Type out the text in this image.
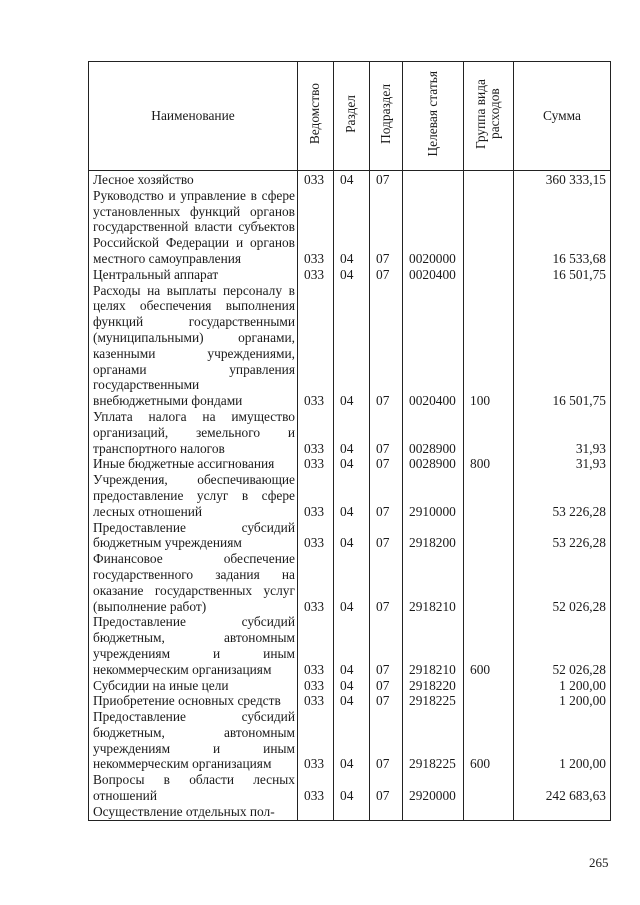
Наименование	Ведомство	Раздел	Подраздел	Целевая статья	Группа вида расходов	Сумма
Лесное хозяйство	033	04	07			360 333,15
Руководство и управление в сфере установленных функций органов государственной власти субъектов Российской Федерации и органов местного самоуправления	033	04	07	0020000		16 533,68
Центральный аппарат	033	04	07	0020400		16 501,75
Расходы на выплаты персоналу в целях обеспечения выполнения функций государственными (муниципальными) органами, казенными учреждениями, органами управления государственными внебюджетными фондами	033	04	07	0020400	100	16 501,75
Уплата налога на имущество организаций, земельного и транспортного налогов	033	04	07	0028900		31,93
Иные бюджетные ассигнования	033	04	07	0028900	800	31,93
Учреждения, обеспечивающие предоставление услуг в сфере лесных отношений	033	04	07	2910000		53 226,28
Предоставление субсидий бюджетным учреждениям	033	04	07	2918200		53 226,28
Финансовое обеспечение государственного задания на оказание государственных услуг (выполнение работ)	033	04	07	2918210		52 026,28
Предоставление субсидий бюджетным, автономным учреждениям и иным некоммерческим организациям	033	04	07	2918210	600	52 026,28
Субсидии на иные цели	033	04	07	2918220		1 200,00
Приобретение основных средств	033	04	07	2918225		1 200,00
Предоставление субсидий бюджетным, автономным учреждениям и иным некоммерческим организациям	033	04	07	2918225	600	1 200,00
Вопросы в области лесных отношений	033	04	07	2920000		242 683,63
Осуществление отдельных пол-						
265
